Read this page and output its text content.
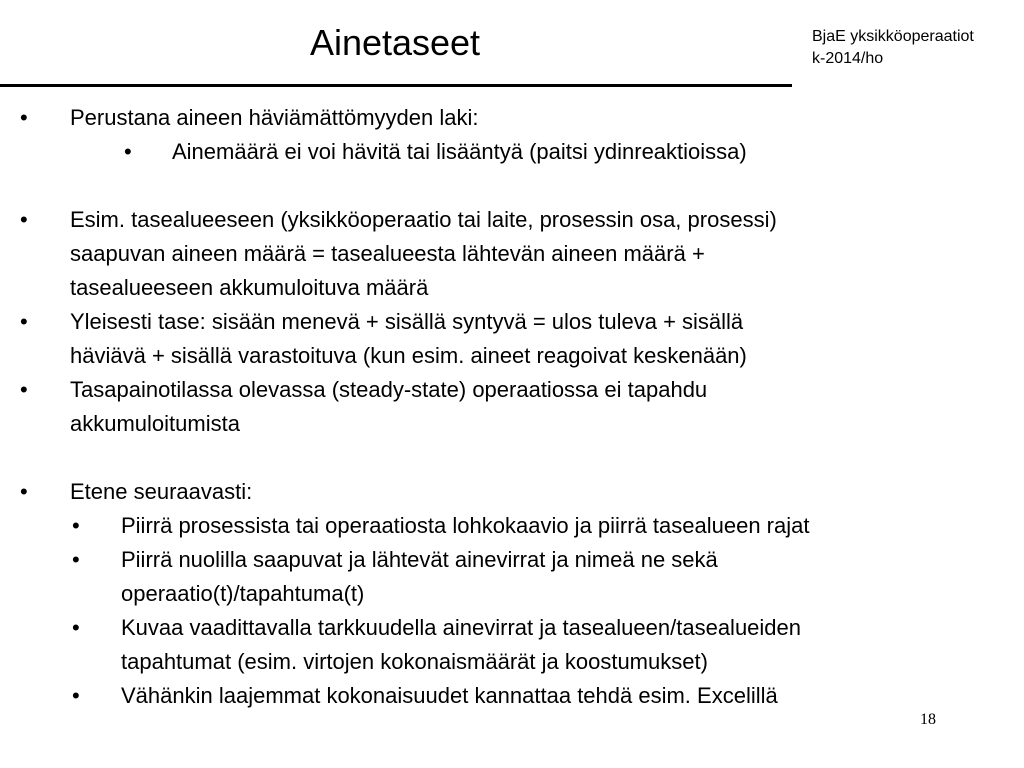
Ainetaseet	BjaE yksikköoperaatiot
k-2014/ho
• Perustana aineen häviämättömyyden laki:
• Ainemäärä ei voi hävitä tai lisääntyä (paitsi ydinreaktioissa)
• Esim. tasealueeseen (yksikköoperaatio tai laite, prosessin osa, prosessi)
saapuvan aineen määrä = tasealueesta lähtevän aineen määrä +
tasealueeseen akkumuloituva määrä
• Yleisesti tase: sisään menevä + sisällä syntyvä = ulos tuleva + sisällä
häviävä + sisällä varastoituva (kun esim. aineet reagoivat keskenään)
• Tasapainotilassa olevassa (steady-state) operaatiossa ei tapahdu
akkumuloitumista
• Etene seuraavasti:
• Piirrä prosessista tai operaatiosta lohkokaavio ja piirrä tasealueen rajat
• Piirrä nuolilla saapuvat ja lähtevät ainevirrat ja nimeä ne sekä
operaatio(t)/tapahtuma(t)
• Kuvaa vaadittavalla tarkkuudella ainevirrat ja tasealueen/tasealueiden
tapahtumat (esim. virtojen kokonaismäärät ja koostumukset)
• Vähänkin laajemmat kokonaisuudet kannattaa tehdä esim. Excelillä
18
